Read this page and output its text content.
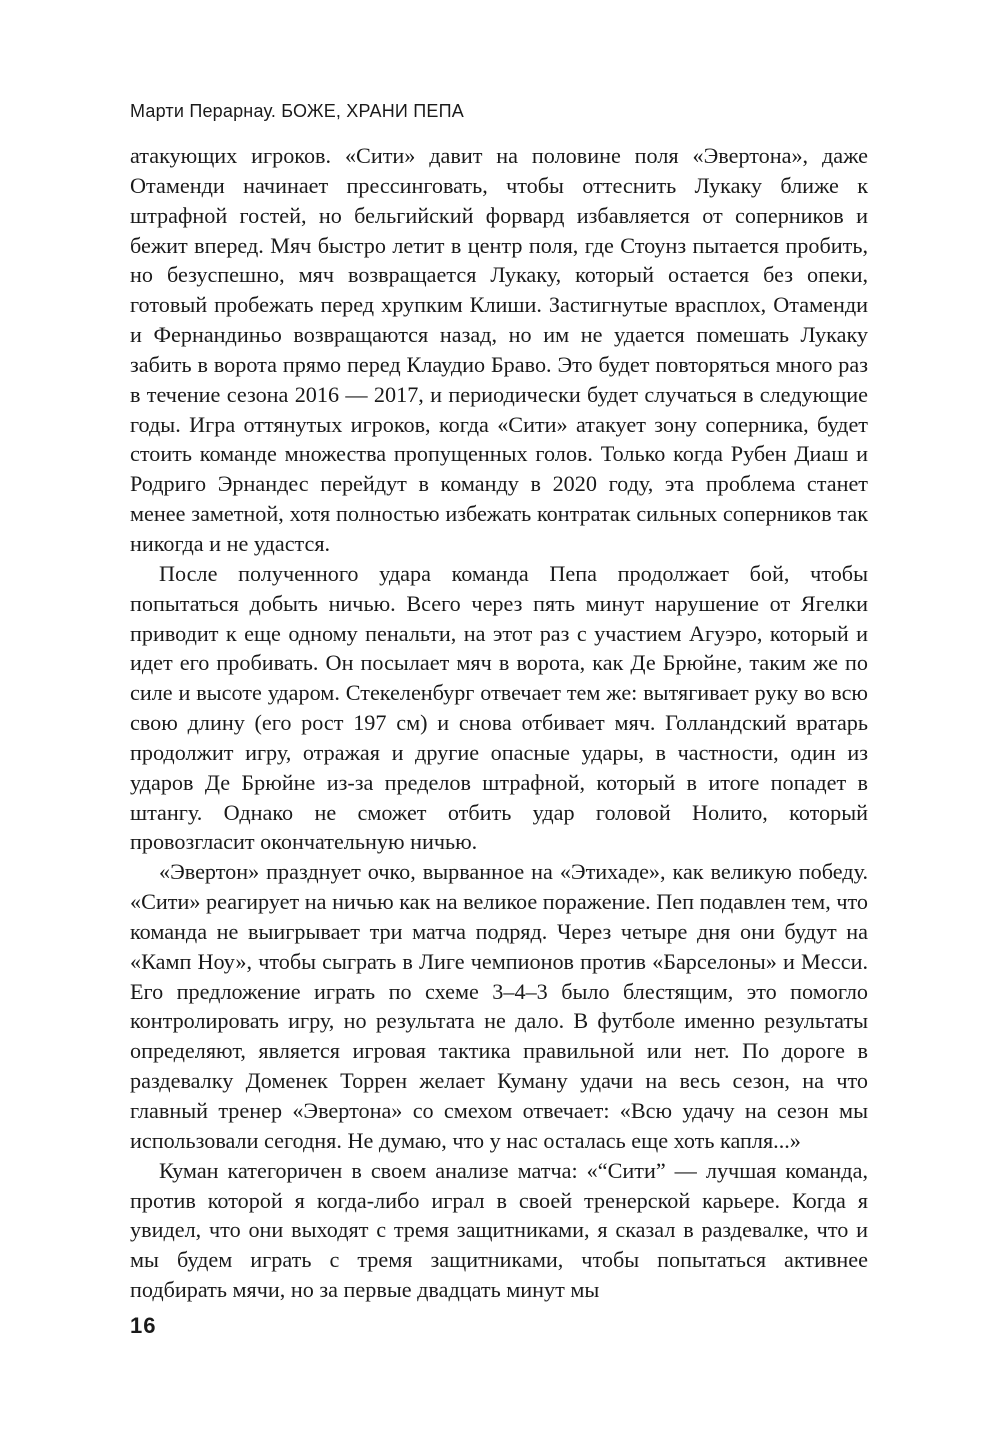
Марти Перарнау. БОЖЕ, ХРАНИ ПЕПА

атакующих игроков. «Сити» давит на половине поля «Эвертона», даже Отаменди начинает прессинговать, чтобы оттеснить Лукаку ближе к штрафной гостей, но бельгийский форвард избавляется от соперников и бежит вперед. Мяч быстро летит в центр поля, где Стоунз пытается пробить, но безуспешно, мяч возвращается Лукаку, который остается без опеки, готовый пробежать перед хрупким Клиши. Застигнутые врасплох, Отаменди и Фернандиньо возвращаются назад, но им не удается помешать Лукаку забить в ворота прямо перед Клаудио Браво. Это будет повторяться много раз в течение сезона 2016 — 2017, и периодически будет случаться в следующие годы. Игра оттянутых игроков, когда «Сити» атакует зону соперника, будет стоить команде множества пропущенных голов. Только когда Рубен Диаш и Родриго Эрнандес перейдут в команду в 2020 году, эта проблема станет менее заметной, хотя полностью избежать контратак сильных соперников так никогда и не удастся.

После полученного удара команда Пепа продолжает бой, чтобы попытаться добыть ничью. Всего через пять минут нарушение от Ягелки приводит к еще одному пенальти, на этот раз с участием Агуэро, который и идет его пробивать. Он посылает мяч в ворота, как Де Брюйне, таким же по силе и высоте ударом. Стекеленбург отвечает тем же: вытягивает руку во всю свою длину (его рост 197 см) и снова отбивает мяч. Голландский вратарь продолжит игру, отражая и другие опасные удары, в частности, один из ударов Де Брюйне из-за пределов штрафной, который в итоге попадет в штангу. Однако не сможет отбить удар головой Нолито, который провозгласит окончательную ничью.

«Эвертон» празднует очко, вырванное на «Этихаде», как великую победу. «Сити» реагирует на ничью как на великое поражение. Пеп подавлен тем, что команда не выигрывает три матча подряд. Через четыре дня они будут на «Камп Ноу», чтобы сыграть в Лиге чемпионов против «Барселоны» и Месси. Его предложение играть по схеме 3–4–3 было блестящим, это помогло контролировать игру, но результата не дало. В футболе именно результаты определяют, является игровая тактика правильной или нет. По дороге в раздевалку Доменек Торрен желает Куману удачи на весь сезон, на что главный тренер «Эвертона» со смехом отвечает: «Всю удачу на сезон мы использовали сегодня. Не думаю, что у нас осталась еще хоть капля...»

Куман категоричен в своем анализе матча: «“Сити” — лучшая команда, против которой я когда-либо играл в своей тренерской карьере. Когда я увидел, что они выходят с тремя защитниками, я сказал в раздевалке, что и мы будем играть с тремя защитниками, чтобы попытаться активнее подбирать мячи, но за первые двадцать минут мы

16
